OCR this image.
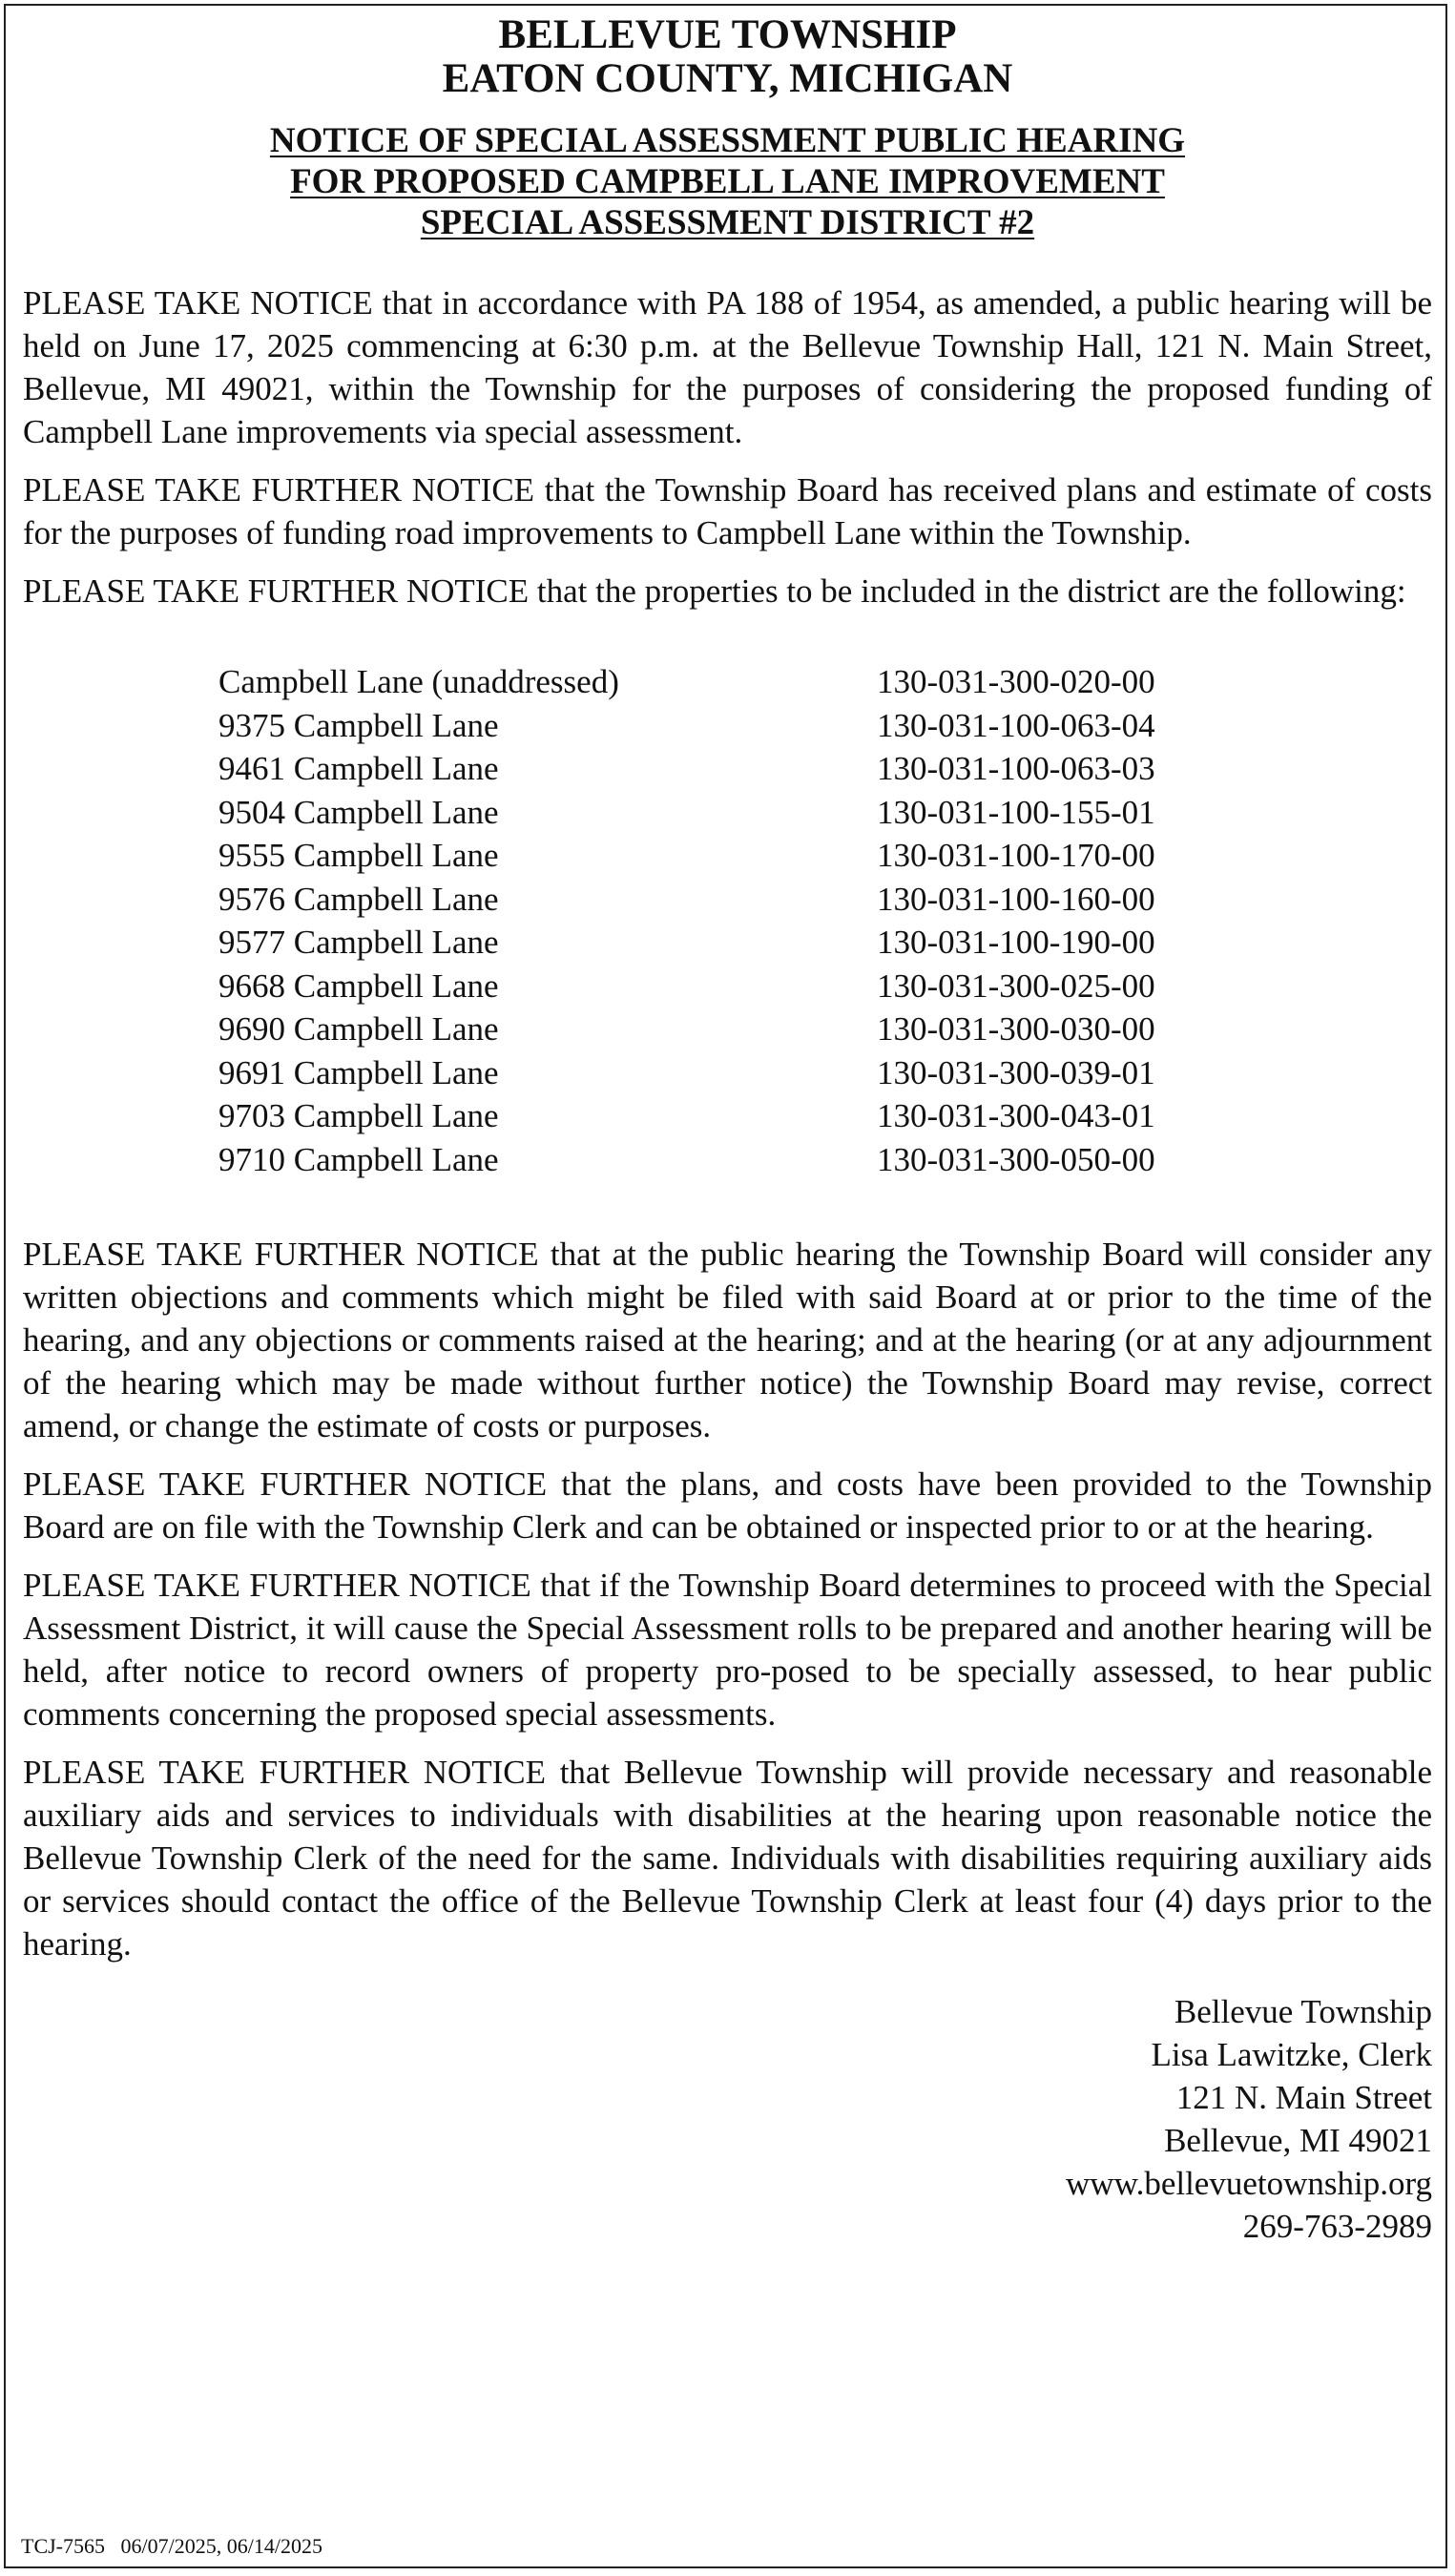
BELLEVUE TOWNSHIP
EATON COUNTY, MICHIGAN
NOTICE OF SPECIAL ASSESSMENT PUBLIC HEARING
FOR PROPOSED CAMPBELL LANE IMPROVEMENT
SPECIAL ASSESSMENT DISTRICT #2

PLEASE TAKE NOTICE that in accordance with PA 188 of 1954, as amended, a public hearing will be held on June 17, 2025 commencing at 6:30 p.m. at the Bellevue Township Hall, 121 N. Main Street, Bellevue, MI 49021, within the Township for the purposes of considering the proposed funding of Campbell Lane improvements via special assessment.

PLEASE TAKE FURTHER NOTICE that the Township Board has received plans and estimate of costs for the purposes of funding road improvements to Campbell Lane within the Township.

PLEASE TAKE FURTHER NOTICE that the properties to be included in the district are the following:

Campbell Lane (unaddressed)	130-031-300-020-00
9375 Campbell Lane	130-031-100-063-04
9461 Campbell Lane	130-031-100-063-03
9504 Campbell Lane	130-031-100-155-01
9555 Campbell Lane	130-031-100-170-00
9576 Campbell Lane	130-031-100-160-00
9577 Campbell Lane	130-031-100-190-00
9668 Campbell Lane	130-031-300-025-00
9690 Campbell Lane	130-031-300-030-00
9691 Campbell Lane	130-031-300-039-01
9703 Campbell Lane	130-031-300-043-01
9710 Campbell Lane	130-031-300-050-00

PLEASE TAKE FURTHER NOTICE that at the public hearing the Township Board will consider any written objections and comments which might be filed with said Board at or prior to the time of the hearing, and any objections or comments raised at the hearing; and at the hearing (or at any adjournment of the hearing which may be made without further notice) the Township Board may revise, correct amend, or change the estimate of costs or purposes.

PLEASE TAKE FURTHER NOTICE that the plans, and costs have been provided to the Township Board are on file with the Township Clerk and can be obtained or inspected prior to or at the hearing.

PLEASE TAKE FURTHER NOTICE that if the Township Board determines to proceed with the Special Assessment District, it will cause the Special Assessment rolls to be prepared and another hearing will be held, after notice to record owners of property pro-posed to be specially assessed, to hear public comments concerning the proposed special assessments.

PLEASE TAKE FURTHER NOTICE that Bellevue Township will provide necessary and reasonable auxiliary aids and services to individuals with disabilities at the hearing upon reasonable notice the Bellevue Township Clerk of the need for the same. Individuals with disabilities requiring auxiliary aids or services should contact the office of the Bellevue Township Clerk at least four (4) days prior to the hearing.

Bellevue Township
Lisa Lawitzke, Clerk
121 N. Main Street
Bellevue, MI 49021
www.bellevuetownship.org
269-763-2989
TCJ-7565   06/07/2025, 06/14/2025
